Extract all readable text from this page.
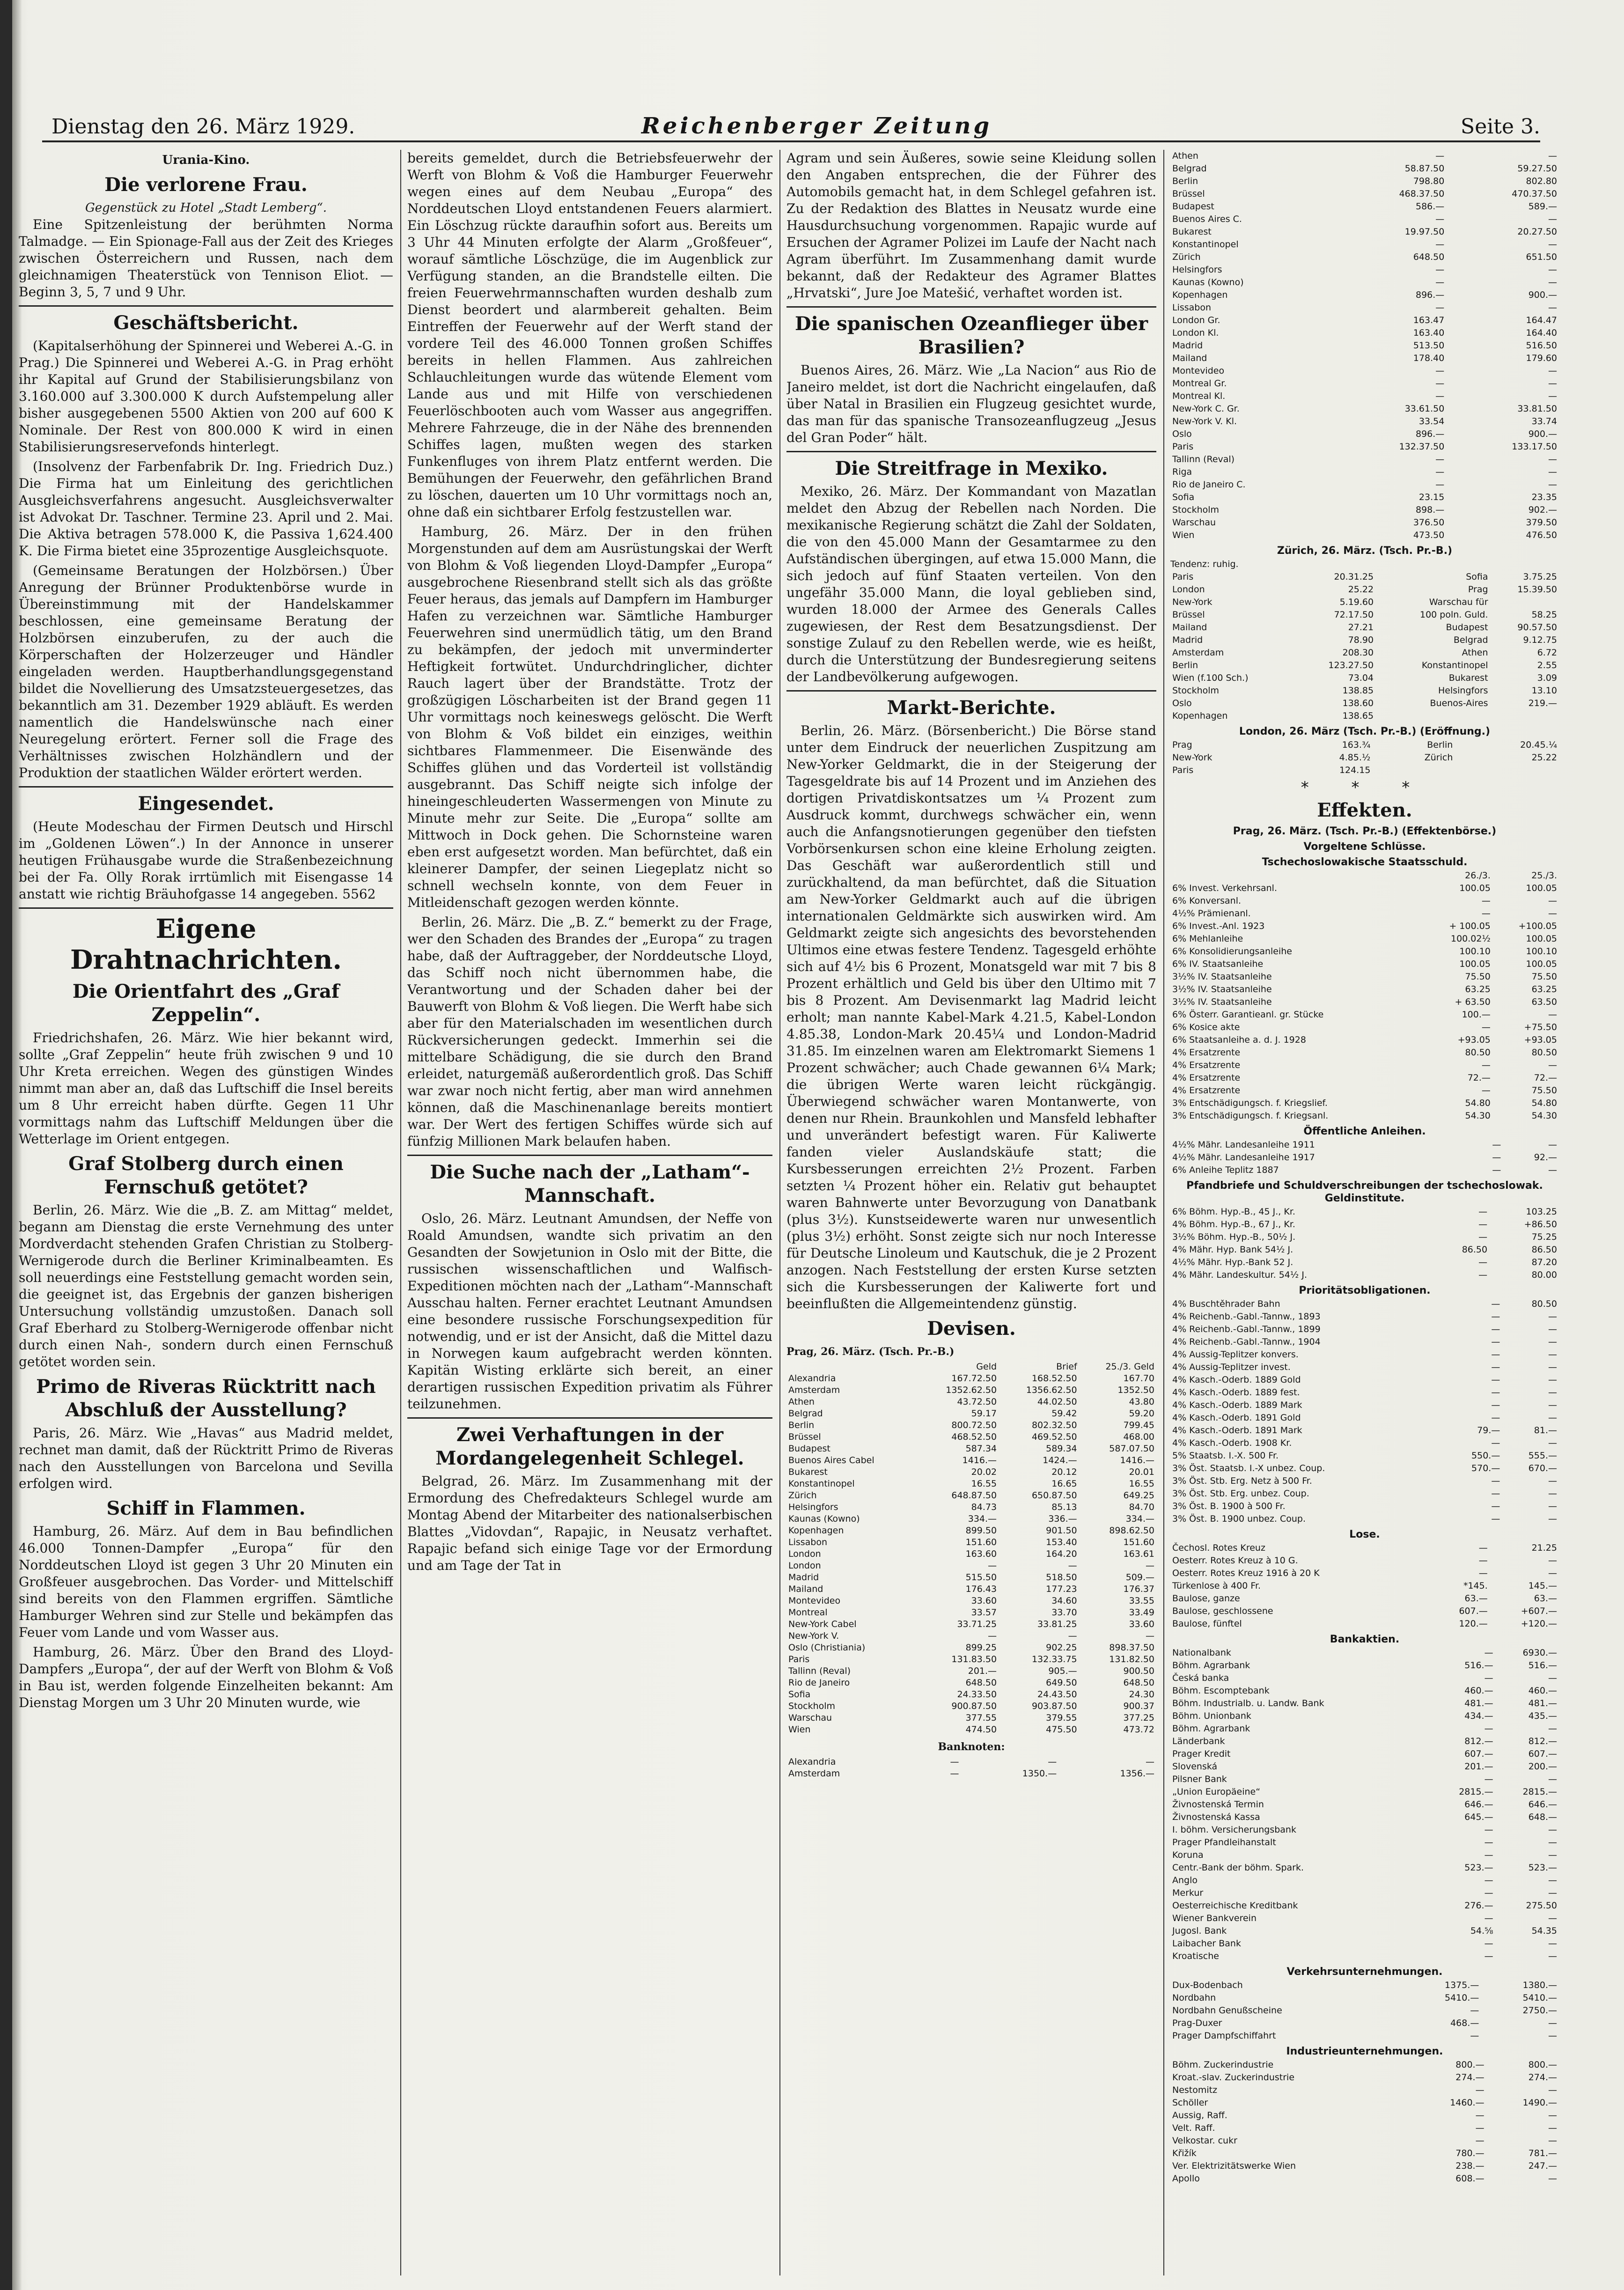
Dienstag den 26. März 1929.	Reichenberger Zeitung	Seite 3.
Urania-Kino.
Die verlorene Frau.
Gegenstück zu Hotel „Stadt Lemberg“.
Eine Spitzenleistung der berühmten Norma Talmadge. — Ein Spionage-Fall aus der Zeit des Krieges zwischen Österreichern und Russen, nach dem gleichnamigen Theaterstück von Tennison Eliot. — Beginn 3, 5, 7 und 9 Uhr.
Geschäftsbericht.
(Kapitalserhöhung der Spinnerei und Weberei A.-G. in Prag.) Die Spinnerei und Weberei A.-G. in Prag erhöht ihr Kapital auf Grund der Stabilisierungsbilanz von 3.160.000 auf 3.300.000 K durch Aufstempelung aller bisher ausgegebenen 5500 Aktien von 200 auf 600 K Nominale. Der Rest von 800.000 K wird in einen Stabilisierungsreservefonds hinterlegt.
(Insolvenz der Farbenfabrik Dr. Ing. Friedrich Duz.) Die Firma hat um Einleitung des gerichtlichen Ausgleichsverfahrens angesucht. Ausgleichsverwalter ist Advokat Dr. Taschner. Termine 23. April und 2. Mai. Die Aktiva betragen 578.000 K, die Passiva 1,624.400 K. Die Firma bietet eine 35prozentige Ausgleichsquote.
(Gemeinsame Beratungen der Holzbörsen.) Über Anregung der Brünner Produktenbörse wurde in Übereinstimmung mit der Handelskammer beschlossen, eine gemeinsame Beratung der Holzbörsen einzuberufen, zu der auch die Körperschaften der Holzerzeuger und Händler eingeladen werden. Hauptberhandlungsgegenstand bildet die Novellierung des Umsatzsteuergesetzes, das bekanntlich am 31. Dezember 1929 abläuft. Es werden namentlich die Handelswünsche nach einer Neuregelung erörtert. Ferner soll die Frage des Verhältnisses zwischen Holzhändlern und der Produktion der staatlichen Wälder erörtert werden.
Eingesendet.
(Heute Modeschau der Firmen Deutsch und Hirschl im „Goldenen Löwen“.) In der Annonce in unserer heutigen Frühausgabe wurde die Straßenbezeichnung bei der Fa. Olly Rorak irrtümlich mit Eisengasse 14 anstatt wie richtig Bräuhofgasse 14 angegeben. 5562
Eigene Drahtnachrichten.
Die Orientfahrt des „Graf Zeppelin“.
Friedrichshafen, 26. März. Wie hier bekannt wird, sollte „Graf Zeppelin“ heute früh zwischen 9 und 10 Uhr Kreta erreichen. Wegen des günstigen Windes nimmt man aber an, daß das Luftschiff die Insel bereits um 8 Uhr erreicht haben dürfte. Gegen 11 Uhr vormittags nahm das Luftschiff Meldungen über die Wetterlage im Orient entgegen.
Graf Stolberg durch einen Fernschuß getötet?
Berlin, 26. März. Wie die „B. Z. am Mittag“ meldet, begann am Dienstag die erste Vernehmung des unter Mordverdacht stehenden Grafen Christian zu Stolberg-Wernigerode durch die Berliner Kriminalbeamten. Es soll neuerdings eine Feststellung gemacht worden sein, die geeignet ist, das Ergebnis der ganzen bisherigen Untersuchung vollständig umzustoßen. Danach soll Graf Eberhard zu Stolberg-Wernigerode offenbar nicht durch einen Nah-, sondern durch einen Fernschuß getötet worden sein.
Primo de Riveras Rücktritt nach Abschluß der Ausstellung?
Paris, 26. März. Wie „Havas“ aus Madrid meldet, rechnet man damit, daß der Rücktritt Primo de Riveras nach den Ausstellungen von Barcelona und Sevilla erfolgen wird.
Schiff in Flammen.
Hamburg, 26. März. Auf dem in Bau befindlichen 46.000 Tonnen-Dampfer „Europa“ für den Norddeutschen Lloyd ist gegen 3 Uhr 20 Minuten ein Großfeuer ausgebrochen. Das Vorder- und Mittelschiff sind bereits von den Flammen ergriffen. Sämtliche Hamburger Wehren sind zur Stelle und bekämpfen das Feuer vom Lande und vom Wasser aus.
Hamburg, 26. März. Über den Brand des Lloyd-Dampfers „Europa“, der auf der Werft von Blohm & Voß in Bau ist, werden folgende Einzelheiten bekannt: Am Dienstag Morgen um 3 Uhr 20 Minuten wurde, wie
bereits gemeldet, durch die Betriebsfeuerwehr der Werft von Blohm & Voß die Hamburger Feuerwehr wegen eines auf dem Neubau „Europa“ des Norddeutschen Lloyd entstandenen Feuers alarmiert. Ein Löschzug rückte daraufhin sofort aus. Bereits um 3 Uhr 44 Minuten erfolgte der Alarm „Großfeuer“, worauf sämtliche Löschzüge, die im Augenblick zur Verfügung standen, an die Brandstelle eilten. Die freien Feuerwehrmannschaften wurden deshalb zum Dienst beordert und alarmbereit gehalten. Beim Eintreffen der Feuerwehr auf der Werft stand der vordere Teil des 46.000 Tonnen großen Schiffes bereits in hellen Flammen. Aus zahlreichen Schlauchleitungen wurde das wütende Element vom Lande aus und mit Hilfe von verschiedenen Feuerlöschbooten auch vom Wasser aus angegriffen. Mehrere Fahrzeuge, die in der Nähe des brennenden Schiffes lagen, mußten wegen des starken Funkenfluges von ihrem Platz entfernt werden. Die Bemühungen der Feuerwehr, den gefährlichen Brand zu löschen, dauerten um 10 Uhr vormittags noch an, ohne daß ein sichtbarer Erfolg festzustellen war.
Hamburg, 26. März. Der in den frühen Morgenstunden auf dem am Ausrüstungskai der Werft von Blohm & Voß liegenden Lloyd-Dampfer „Europa“ ausgebrochene Riesenbrand stellt sich als das größte Feuer heraus, das jemals auf Dampfern im Hamburger Hafen zu verzeichnen war. Sämtliche Hamburger Feuerwehren sind unermüdlich tätig, um den Brand zu bekämpfen, der jedoch mit unverminderter Heftigkeit fortwütet. Undurchdringlicher, dichter Rauch lagert über der Brandstätte. Trotz der großzügigen Löscharbeiten ist der Brand gegen 11 Uhr vormittags noch keineswegs gelöscht. Die Werft von Blohm & Voß bildet ein einziges, weithin sichtbares Flammenmeer. Die Eisenwände des Schiffes glühen und das Vorderteil ist vollständig ausgebrannt. Das Schiff neigte sich infolge der hineingeschleuderten Wassermengen von Minute zu Minute mehr zur Seite. Die „Europa“ sollte am Mittwoch in Dock gehen. Die Schornsteine waren eben erst aufgesetzt worden. Man befürchtet, daß ein kleinerer Dampfer, der seinen Liegeplatz nicht so schnell wechseln konnte, von dem Feuer in Mitleidenschaft gezogen werden könnte.
Berlin, 26. März. Die „B. Z.“ bemerkt zu der Frage, wer den Schaden des Brandes der „Europa“ zu tragen habe, daß der Auftraggeber, der Norddeutsche Lloyd, das Schiff noch nicht übernommen habe, die Verantwortung und der Schaden daher bei der Bauwerft von Blohm & Voß liegen. Die Werft habe sich aber für den Materialschaden im wesentlichen durch Rückversicherungen gedeckt. Immerhin sei die mittelbare Schädigung, die sie durch den Brand erleidet, naturgemäß außerordentlich groß. Das Schiff war zwar noch nicht fertig, aber man wird annehmen können, daß die Maschinenanlage bereits montiert war. Der Wert des fertigen Schiffes würde sich auf fünfzig Millionen Mark belaufen haben.
Die Suche nach der „Latham“-Mannschaft.
Oslo, 26. März. Leutnant Amundsen, der Neffe von Roald Amundsen, wandte sich privatim an den Gesandten der Sowjetunion in Oslo mit der Bitte, die russischen wissenschaftlichen und Walfisch-Expeditionen möchten nach der „Latham“-Mannschaft Ausschau halten. Ferner erachtet Leutnant Amundsen eine besondere russische Forschungsexpedition für notwendig, und er ist der Ansicht, daß die Mittel dazu in Norwegen kaum aufgebracht werden könnten. Kapitän Wisting erklärte sich bereit, an einer derartigen russischen Expedition privatim als Führer teilzunehmen.
Zwei Verhaftungen in der Mordangelegenheit Schlegel.
Belgrad, 26. März. Im Zusammenhang mit der Ermordung des Chefredakteurs Schlegel wurde am Montag Abend der Mitarbeiter des nationalserbischen Blattes „Vidovdan“, Rapajic, in Neusatz verhaftet. Rapajic befand sich einige Tage vor der Ermordung und am Tage der Tat in
Agram und sein Äußeres, sowie seine Kleidung sollen den Angaben entsprechen, die der Führer des Automobils gemacht hat, in dem Schlegel gefahren ist. Zu der Redaktion des Blattes in Neusatz wurde eine Hausdurchsuchung vorgenommen. Rapajic wurde auf Ersuchen der Agramer Polizei im Laufe der Nacht nach Agram überführt. Im Zusammenhang damit wurde bekannt, daß der Redakteur des Agramer Blattes „Hrvatski“, Jure Joe Matešić, verhaftet worden ist.
Die spanischen Ozeanflieger über Brasilien?
Buenos Aires, 26. März. Wie „La Nacion“ aus Rio de Janeiro meldet, ist dort die Nachricht eingelaufen, daß über Natal in Brasilien ein Flugzeug gesichtet wurde, das man für das spanische Transozeanflugzeug „Jesus del Gran Poder“ hält.
Die Streitfrage in Mexiko.
Mexiko, 26. März. Der Kommandant von Mazatlan meldet den Abzug der Rebellen nach Norden. Die mexikanische Regierung schätzt die Zahl der Soldaten, die von den 45.000 Mann der Gesamtarmee zu den Aufständischen übergingen, auf etwa 15.000 Mann, die sich jedoch auf fünf Staaten verteilen. Von den ungefähr 35.000 Mann, die loyal geblieben sind, wurden 18.000 der Armee des Generals Calles zugewiesen, der Rest dem Besatzungsdienst. Der sonstige Zulauf zu den Rebellen werde, wie es heißt, durch die Unterstützung der Bundesregierung seitens der Landbevölkerung aufgewogen.
Markt-Berichte.
Berlin, 26. März. (Börsenbericht.) Die Börse stand unter dem Eindruck der neuerlichen Zuspitzung am New-Yorker Geldmarkt, die in der Steigerung der Tagesgeldrate bis auf 14 Prozent und im Anziehen des dortigen Privatdiskontsatzes um ¼ Prozent zum Ausdruck kommt, durchwegs schwächer ein, wenn auch die Anfangsnotierungen gegenüber den tiefsten Vorbörsenkursen schon eine kleine Erholung zeigten. Das Geschäft war außerordentlich still und zurückhaltend, da man befürchtet, daß die Situation am New-Yorker Geldmarkt auch auf die übrigen internationalen Geldmärkte sich auswirken wird. Am Geldmarkt zeigte sich angesichts des bevorstehenden Ultimos eine etwas festere Tendenz. Tagesgeld erhöhte sich auf 4½ bis 6 Prozent, Monatsgeld war mit 7 bis 8 Prozent erhältlich und Geld bis über den Ultimo mit 7 bis 8 Prozent. Am Devisenmarkt lag Madrid leicht erholt; man nannte Kabel-Mark 4.21.5, Kabel-London 4.85.38, London-Mark 20.45¼ und London-Madrid 31.85. Im einzelnen waren am Elektromarkt Siemens 1 Prozent schwächer; auch Chade gewannen 6¼ Mark; die übrigen Werte waren leicht rückgängig. Überwiegend schwächer waren Montanwerte, von denen nur Rhein. Braunkohlen und Mansfeld lebhafter und unverändert befestigt waren. Für Kaliwerte fanden vieler Auslandskäufe statt; die Kursbesserungen erreichten 2½ Prozent. Farben setzten ¼ Prozent höher ein. Relativ gut behauptet waren Bahnwerte unter Bevorzugung von Danatbank (plus 3½). Kunstseidewerte waren nur unwesentlich (plus 3½) erhöht. Sonst zeigte sich nur noch Interesse für Deutsche Linoleum und Kautschuk, die je 2 Prozent anzogen. Nach Feststellung der ersten Kurse setzten sich die Kursbesserungen der Kaliwerte fort und beeinflußten die Allgemeintendenz günstig.
Devisen.
Prag, 26. März. (Tsch. Pr.-B.)
	Geld	Brief	25./3. Geld
Alexandria	167.72.50	168.52.50	167.70
Amsterdam	1352.62.50	1356.62.50	1352.50
Athen	43.72.50	44.02.50	43.80
Belgrad	59.17	59.42	59.20
Berlin	800.72.50	802.32.50	799.45
Brüssel	468.52.50	469.52.50	468.00
Budapest	587.34	589.34	587.07.50
Buenos Aires Cabel	1416.—	1424.—	1416.—
Bukarest	20.02	20.12	20.01
Konstantinopel	16.55	16.65	16.55
Zürich	648.87.50	650.87.50	649.25
Helsingfors	84.73	85.13	84.70
Kaunas (Kowno)	334.—	336.—	334.—
Kopenhagen	899.50	901.50	898.62.50
Lissabon	151.60	153.40	151.60
London	163.60	164.20	163.61
London	—	—	—
Madrid	515.50	518.50	509.—
Mailand	176.43	177.23	176.37
Montevideo	33.60	34.60	33.55
Montreal	33.57	33.70	33.49
New-York Cabel	33.71.25	33.81.25	33.60
New-York V.	—	—	—
Oslo (Christiania)	899.25	902.25	898.37.50
Paris	131.83.50	132.33.75	131.82.50
Tallinn (Reval)	201.—	905.—	900.50
Rio de Janeiro	648.50	649.50	648.50
Sofia	24.33.50	24.43.50	24.30
Stockholm	900.87.50	903.87.50	900.37
Warschau	377.55	379.55	377.25
Wien	474.50	475.50	473.72
Banknoten:
Alexandria	—	—	—
Amsterdam	—	1350.—	1356.—
Athen	—	—
Belgrad	58.87.50	59.27.50
Berlin	798.80	802.80
Brüssel	468.37.50	470.37.50
Budapest	586.—	589.—
Buenos Aires C.	—	—
Bukarest	19.97.50	20.27.50
Konstantinopel	—	—
Zürich	648.50	651.50
Helsingfors	—	—
Kaunas (Kowno)	—	—
Kopenhagen	896.—	900.—
Lissabon	—	—
London Gr.	163.47	164.47
London Kl.	163.40	164.40
Madrid	513.50	516.50
Mailand	178.40	179.60
Montevideo	—	—
Montreal Gr.	—	—
Montreal Kl.	—	—
New-York C. Gr.	33.61.50	33.81.50
New-York V. Kl.	33.54	33.74
Oslo	896.—	900.—
Paris	132.37.50	133.17.50
Tallinn (Reval)	—	—
Riga	—	—
Rio de Janeiro C.	—	—
Sofia	23.15	23.35
Stockholm	898.—	902.—
Warschau	376.50	379.50
Wien	473.50	476.50
Zürich, 26. März. (Tsch. Pr.-B.)
Tendenz: ruhig.
Paris	20.31.25	Sofia	3.75.25
London	25.22	Prag	15.39.50
New-York	5.19.60	Warschau für	
Brüssel	72.17.50	100 poln. Guld.	58.25
Mailand	27.21	Budapest	90.57.50
Madrid	78.90	Belgrad	9.12.75
Amsterdam	208.30	Athen	6.72
Berlin	123.27.50	Konstantinopel	2.55
Wien (f.100 Sch.)	73.04	Bukarest	3.09
Stockholm	138.85	Helsingfors	13.10
Oslo	138.60	Buenos-Aires	219.—
Kopenhagen	138.65		
London, 26. März (Tsch. Pr.-B.) (Eröffnung.)
Prag	163.¾	Berlin	20.45.¼
New-York	4.85.½	Zürich	25.22
Paris	124.15		
* * *
Effekten.
Prag, 26. März. (Tsch. Pr.-B.) (Effektenbörse.)
Vorgeltene Schlüsse.
Tschechoslowakische Staatsschuld.
	26./3.	25./3.
6% Invest. Verkehrsanl.	100.05	100.05
6% Konversanl.	—	—
4½% Prämienanl.	—	—
6% Invest.-Anl. 1923	+ 100.05	+100.05
6% Mehlanleihe	100.02½	100.05
6% Konsolidierungsanleihe	100.10	100.10
6% IV. Staatsanleihe	100.05	100.05
3½% IV. Staatsanleihe	75.50	75.50
3½% IV. Staatsanleihe	63.25	63.25
3½% IV. Staatsanleihe	+ 63.50	63.50
6% Österr. Garantieanl. gr. Stücke	100.—	—
6% Kosice akte	—	+75.50
6% Staatsanleihe a. d. J. 1928	+93.05	+93.05
4% Ersatzrente	80.50	80.50
4% Ersatzrente	—	—
4% Ersatzrente	72.—	72.—
4% Ersatzrente	—	75.50
3% Entschädigungsch. f. Kriegslief.	54.80	54.80
3% Entschädigungsch. f. Kriegsanl.	54.30	54.30
Öffentliche Anleihen.
4½% Mähr. Landesanleihe 1911	—	—
4½% Mähr. Landesanleihe 1917	—	92.—
6% Anleihe Teplitz 1887	—	—
Pfandbriefe und Schuldverschreibungen der tschechoslowak. Geldinstitute.
6% Böhm. Hyp.-B., 45 J., Kr.	—	103.25
4% Böhm. Hyp.-B., 67 J., Kr.	—	+86.50
3½% Böhm. Hyp.-B., 50½ J.	—	75.25
4% Mähr. Hyp. Bank 54½ J.	86.50	86.50
4½% Mähr. Hyp.-Bank 52 J.	—	87.20
4% Mähr. Landeskultur. 54½ J.	—	80.00
Prioritätsobligationen.
4% Buschtěhrader Bahn	—	80.50
4% Reichenb.-Gabl.-Tannw., 1893	—	—
4% Reichenb.-Gabl.-Tannw., 1899	—	—
4% Reichenb.-Gabl.-Tannw., 1904	—	—
4% Aussig-Teplitzer konvers.	—	—
4% Aussig-Teplitzer invest.	—	—
4% Kasch.-Oderb. 1889 Gold	—	—
4% Kasch.-Oderb. 1889 fest.	—	—
4% Kasch.-Oderb. 1889 Mark	—	—
4% Kasch.-Oderb. 1891 Gold	—	—
4% Kasch.-Oderb. 1891 Mark	79.—	81.—
4% Kasch.-Oderb. 1908 Kr.	—	—
5% Staatsb. I.-X. 500 Fr.	550.—	555.—
3% Öst. Staatsb. I.-X unbez. Coup.	570.—	670.—
3% Öst. Stb. Erg. Netz à 500 Fr.	—	—
3% Öst. Stb. Erg. unbez. Coup.	—	—
3% Öst. B. 1900 à 500 Fr.	—	—
3% Öst. B. 1900 unbez. Coup.	—	—
Lose.
Čechosl. Rotes Kreuz	—	21.25
Oesterr. Rotes Kreuz à 10 G.	—	—
Oesterr. Rotes Kreuz 1916 à 20 K	—	—
Türkenlose à 400 Fr.	*145.	145.—
Baulose, ganze	63.—	63.—
Baulose, geschlossene	607.—	+607.—
Baulose, fünftel	120.—	+120.—
Bankaktien.
Nationalbank	—	6930.—
Böhm. Agrarbank	516.—	516.—
Česká banka	—	—
Böhm. Escomptebank	460.—	460.—
Böhm. Industrialb. u. Landw. Bank	481.—	481.—
Böhm. Unionbank	434.—	435.—
Böhm. Agrarbank	—	—
Länderbank	812.—	812.—
Prager Kredit	607.—	607.—
Slovenská	201.—	200.—
Pilsner Bank	—	—
„Union Europäeine“	2815.—	2815.—
Živnostenská Termin	646.—	646.—
Živnostenská Kassa	645.—	648.—
I. böhm. Versicherungsbank	—	—
Prager Pfandleihanstalt	—	—
Koruna	—	—
Centr.-Bank der böhm. Spark.	523.—	523.—
Anglo	—	—
Merkur	—	—
Oesterreichische Kreditbank	276.—	275.50
Wiener Bankverein	—	—
Jugosl. Bank	54.⅝	54.35
Laibacher Bank	—	—
Kroatische	—	—
Verkehrsunternehmungen.
Dux-Bodenbach	1375.—	1380.—
Nordbahn	5410.—	5410.—
Nordbahn Genußscheine	—	2750.—
Prag-Duxer	468.—	—
Prager Dampfschiffahrt	—	—
Industrieunternehmungen.
Böhm. Zuckerindustrie	800.—	800.—
Kroat.-slav. Zuckerindustrie	274.—	274.—
Nestomitz	—	—
Schöller	1460.—	1490.—
Aussig, Raff.	—	—
Velt. Raff.	—	—
Velkostar. cukr	—	—
Křižík	780.—	781.—
Ver. Elektrizitätswerke Wien	238.—	247.—
Apollo	608.—	—
